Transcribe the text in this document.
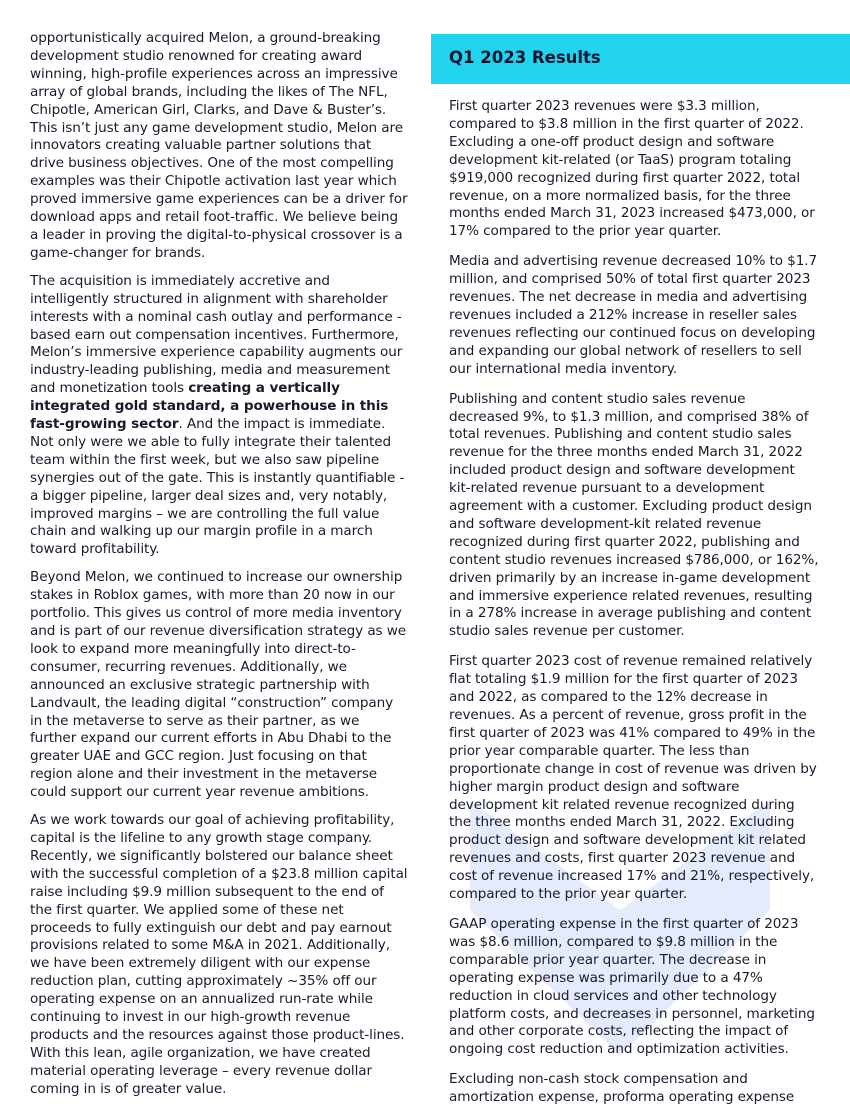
opportunistically acquired Melon, a ground-breaking development studio renowned for creating award winning, high-profile experiences across an impressive array of global brands, including the likes of The NFL, Chipotle, American Girl, Clarks, and Dave & Buster’s. This isn’t just any game development studio, Melon are innovators creating valuable partner solutions that drive business objectives. One of the most compelling examples was their Chipotle activation last year which proved immersive game experiences can be a driver for download apps and retail foot-traffic. We believe being a leader in proving the digital-to-physical crossover is a game-changer for brands.

The acquisition is immediately accretive and intelligently structured in alignment with shareholder interests with a nominal cash outlay and performance -based earn out compensation incentives. Furthermore, Melon’s immersive experience capability augments our industry-leading publishing, media and measurement and monetization tools creating a vertically integrated gold standard, a powerhouse in this fast-growing sector. And the impact is immediate. Not only were we able to fully integrate their talented team within the first week, but we also saw pipeline synergies out of the gate. This is instantly quantifiable - a bigger pipeline, larger deal sizes and, very notably, improved margins – we are controlling the full value chain and walking up our margin profile in a march toward profitability.

Beyond Melon, we continued to increase our ownership stakes in Roblox games, with more than 20 now in our portfolio. This gives us control of more media inventory and is part of our revenue diversification strategy as we look to expand more meaningfully into direct-to-consumer, recurring revenues. Additionally, we announced an exclusive strategic partnership with Landvault, the leading digital “construction” company in the metaverse to serve as their partner, as we further expand our current efforts in Abu Dhabi to the greater UAE and GCC region. Just focusing on that region alone and their investment in the metaverse could support our current year revenue ambitions.

As we work towards our goal of achieving profitability, capital is the lifeline to any growth stage company. Recently, we significantly bolstered our balance sheet with the successful completion of a $23.8 million capital raise including $9.9 million subsequent to the end of the first quarter. We applied some of these net proceeds to fully extinguish our debt and pay earnout provisions related to some M&A in 2021. Additionally, we have been extremely diligent with our expense reduction plan, cutting approximately ~35% off our operating expense on an annualized run-rate while continuing to invest in our high-growth revenue products and the resources against those product-lines. With this lean, agile organization, we have created material operating leverage – every revenue dollar coming in is of greater value.

Q1 2023 Results

First quarter 2023 revenues were $3.3 million, compared to $3.8 million in the first quarter of 2022. Excluding a one-off product design and software development kit-related (or TaaS) program totaling $919,000 recognized during first quarter 2022, total revenue, on a more normalized basis, for the three months ended March 31, 2023 increased $473,000, or 17% compared to the prior year quarter.

Media and advertising revenue decreased 10% to $1.7 million, and comprised 50% of total first quarter 2023 revenues. The net decrease in media and advertising revenues included a 212% increase in reseller sales revenues reflecting our continued focus on developing and expanding our global network of resellers to sell our international media inventory.

Publishing and content studio sales revenue decreased 9%, to $1.3 million, and comprised 38% of total revenues. Publishing and content studio sales revenue for the three months ended March 31, 2022 included product design and software development kit-related revenue pursuant to a development agreement with a customer. Excluding product design and software development-kit related revenue recognized during first quarter 2022, publishing and content studio revenues increased $786,000, or 162%, driven primarily by an increase in-game development and immersive experience related revenues, resulting in a 278% increase in average publishing and content studio sales revenue per customer.

First quarter 2023 cost of revenue remained relatively flat totaling $1.9 million for the first quarter of 2023 and 2022, as compared to the 12% decrease in revenues. As a percent of revenue, gross profit in the first quarter of 2023 was 41% compared to 49% in the prior year comparable quarter. The less than proportionate change in cost of revenue was driven by higher margin product design and software development kit related revenue recognized during the three months ended March 31, 2022. Excluding product design and software development kit related revenues and costs, first quarter 2023 revenue and cost of revenue increased 17% and 21%, respectively, compared to the prior year quarter.

GAAP operating expense in the first quarter of 2023 was $8.6 million, compared to $9.8 million in the comparable prior year quarter. The decrease in operating expense was primarily due to a 47% reduction in cloud services and other technology platform costs, and decreases in personnel, marketing and other corporate costs, reflecting the impact of ongoing cost reduction and optimization activities.

Excluding non-cash stock compensation and amortization expense, proforma operating expense
